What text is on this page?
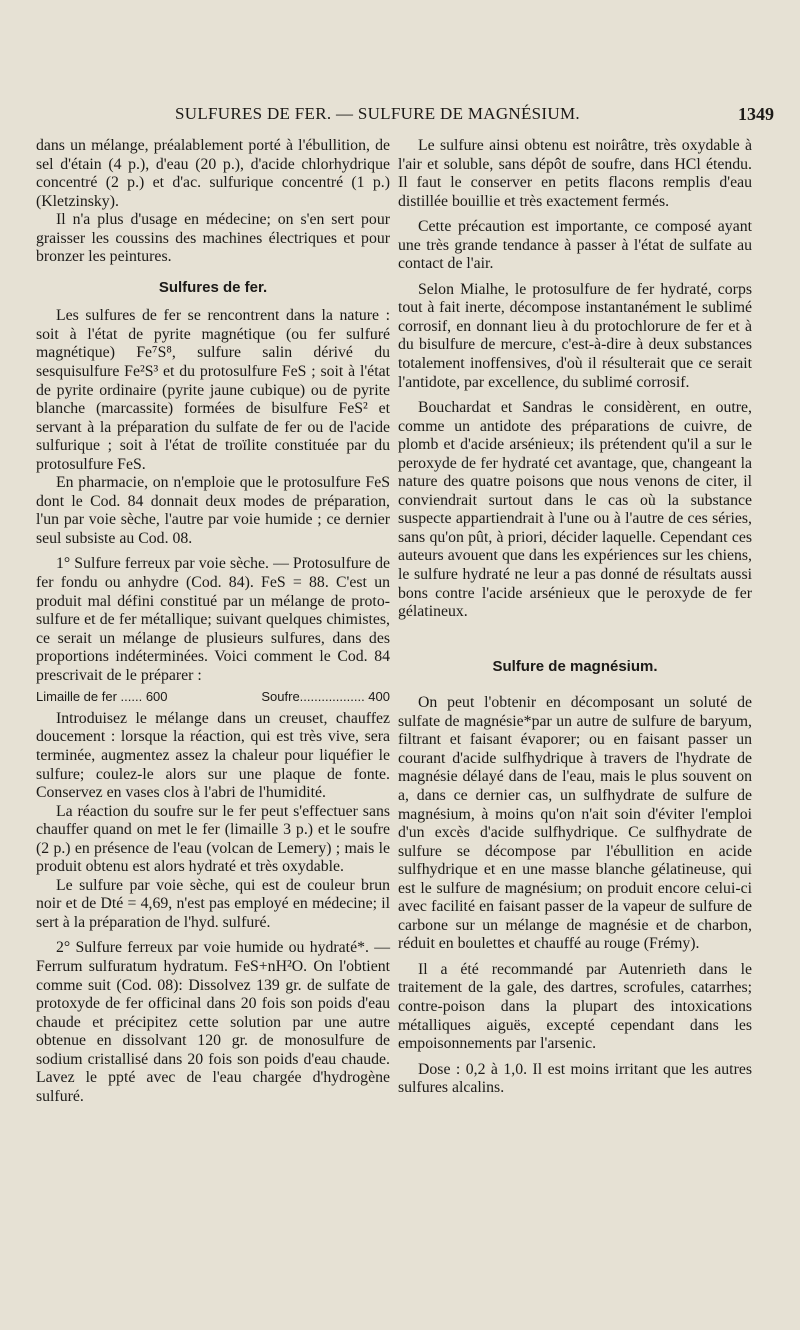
SULFURES DE FER. — SULFURE DE MAGNÉSIUM.	1349

dans un mélange, préalablement porté à l'ébullition, de sel d'étain (4 p.), d'eau (20 p.), d'acide chlorhydrique concentré (2 p.) et d'ac. sulfurique concentré (1 p.) (Kletzinsky).

Il n'a plus d'usage en médecine; on s'en sert pour graisser les coussins des machines électriques et pour bronzer les peintures.

Sulfures de fer.

Les sulfures de fer se rencontrent dans la nature : soit à l'état de pyrite magnétique (ou fer sulfuré magnétique) Fe⁷S⁸, sulfure salin dérivé du sesquisulfure Fe²S³ et du protosulfure FeS ; soit à l'état de pyrite ordinaire (pyrite jaune cubique) ou de pyrite blanche (marcassite) formées de bisulfure FeS² et servant à la préparation du sulfate de fer ou de l'acide sulfurique ; soit à l'état de troïlite constituée par du protosulfure FeS.

En pharmacie, on n'emploie que le protosulfure FeS dont le Cod. 84 donnait deux modes de préparation, l'un par voie sèche, l'autre par voie humide ; ce dernier seul subsiste au Cod. 08.

1° Sulfure ferreux par voie sèche. — Protosulfure de fer fondu ou anhydre (Cod. 84). FeS = 88. C'est un produit mal défini constitué par un mélange de proto-sulfure et de fer métallique; suivant quelques chimistes, ce serait un mélange de plusieurs sulfures, dans des proportions indéterminées. Voici comment le Cod. 84 prescrivait de le préparer :

Limaille de fer ...... 600	Soufre.................. 400

Introduisez le mélange dans un creuset, chauffez doucement : lorsque la réaction, qui est très vive, sera terminée, augmentez assez la chaleur pour liquéfier le sulfure; coulez-le alors sur une plaque de fonte. Conservez en vases clos à l'abri de l'humidité.

La réaction du soufre sur le fer peut s'effectuer sans chauffer quand on met le fer (limaille 3 p.) et le soufre (2 p.) en présence de l'eau (volcan de Lemery) ; mais le produit obtenu est alors hydraté et très oxydable.

Le sulfure par voie sèche, qui est de couleur brun noir et de Dté = 4,69, n'est pas employé en médecine; il sert à la préparation de l'hyd. sulfuré.

2° Sulfure ferreux par voie humide ou hydraté*. — Ferrum sulfuratum hydratum. FeS+nH²O. On l'obtient comme suit (Cod. 08): Dissolvez 139 gr. de sulfate de protoxyde de fer officinal dans 20 fois son poids d'eau chaude et précipitez cette solution par une autre obtenue en dissolvant 120 gr. de monosulfure de sodium cristallisé dans 20 fois son poids d'eau chaude. Lavez le ppté avec de l'eau chargée d'hydrogène sulfuré.

Le sulfure ainsi obtenu est noirâtre, très oxydable à l'air et soluble, sans dépôt de soufre, dans HCl étendu. Il faut le conserver en petits flacons remplis d'eau distillée bouillie et très exactement fermés.

Cette précaution est importante, ce composé ayant une très grande tendance à passer à l'état de sulfate au contact de l'air.

Selon Mialhe, le protosulfure de fer hydraté, corps tout à fait inerte, décompose instantanément le sublimé corrosif, en donnant lieu à du protochlorure de fer et à du bisulfure de mercure, c'est-à-dire à deux substances totalement inoffensives, d'où il résulterait que ce serait l'antidote, par excellence, du sublimé corrosif.

Bouchardat et Sandras le considèrent, en outre, comme un antidote des préparations de cuivre, de plomb et d'acide arsénieux; ils prétendent qu'il a sur le peroxyde de fer hydraté cet avantage, que, changeant la nature des quatre poisons que nous venons de citer, il conviendrait surtout dans le cas où la substance suspecte appartiendrait à l'une ou à l'autre de ces séries, sans qu'on pût, à priori, décider laquelle. Cependant ces auteurs avouent que dans les expériences sur les chiens, le sulfure hydraté ne leur a pas donné de résultats aussi bons contre l'acide arsénieux que le peroxyde de fer gélatineux.

Sulfure de magnésium.

On peut l'obtenir en décomposant un soluté de sulfate de magnésie*par un autre de sulfure de baryum, filtrant et faisant évaporer; ou en faisant passer un courant d'acide sulfhydrique à travers de l'hydrate de magnésie délayé dans de l'eau, mais le plus souvent on a, dans ce dernier cas, un sulfhydrate de sulfure de magnésium, à moins qu'on n'ait soin d'éviter l'emploi d'un excès d'acide sulfhydrique. Ce sulfhydrate de sulfure se décompose par l'ébullition en acide sulfhydrique et en une masse blanche gélatineuse, qui est le sulfure de magnésium; on produit encore celui-ci avec facilité en faisant passer de la vapeur de sulfure de carbone sur un mélange de magnésie et de charbon, réduit en boulettes et chauffé au rouge (Frémy).

Il a été recommandé par Autenrieth dans le traitement de la gale, des dartres, scrofules, catarrhes; contre-poison dans la plupart des intoxications métalliques aiguës, excepté cependant dans les empoisonnements par l'arsenic.

Dose : 0,2 à 1,0. Il est moins irritant que les autres sulfures alcalins.
